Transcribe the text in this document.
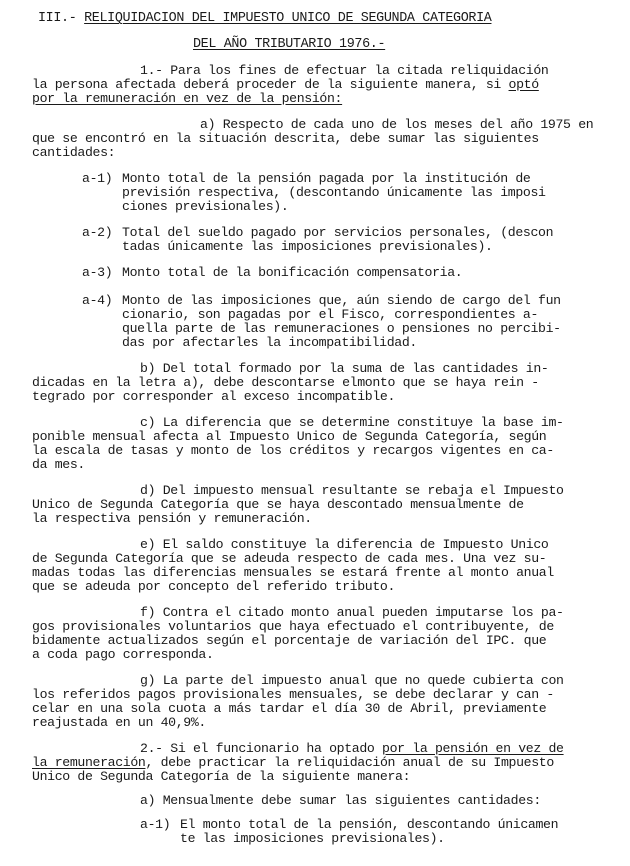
III.- RELIQUIDACION DEL IMPUESTO UNICO DE SEGUNDA CATEGORIA

DEL AÑO TRIBUTARIO 1976.-

1.- Para los fines de efectuar la citada reliquidación

la persona afectada deberá proceder de la siguiente manera, si optó

por la remuneración en vez de la pensión:

a) Respecto de cada uno de los meses del año 1975 en

que se encontró en la situación descrita, debe sumar las siguientes

cantidades:

a-1) Monto total de la pensión pagada por la institución de

previsión respectiva, (descontando únicamente las imposi

ciones previsionales).

a-2) Total del sueldo pagado por servicios personales, (descon

tadas únicamente las imposiciones previsionales).

a-3) Monto total de la bonificación compensatoria.

a-4) Monto de las imposiciones que, aún siendo de cargo del fun

cionario, son pagadas por el Fisco, correspondientes a-

quella parte de las remuneraciones o pensiones no percibi-

das por afectarles la incompatibilidad.

b) Del total formado por la suma de las cantidades in-

dicadas en la letra a), debe descontarse elmonto que se haya rein -

tegrado por corresponder al exceso incompatible.

c) La diferencia que se determine constituye la base im-

ponible mensual afecta al Impuesto Unico de Segunda Categoría, según

la escala de tasas y monto de los créditos y recargos vigentes en ca-

da mes.

d) Del impuesto mensual resultante se rebaja el Impuesto

Unico de Segunda Categoría que se haya descontado mensualmente de

la respectiva pensión y remuneración.

e) El saldo constituye la diferencia de Impuesto Unico

de Segunda Categoría que se adeuda respecto de cada mes. Una vez su-

madas todas las diferencias mensuales se estará frente al monto anual

que se adeuda por concepto del referido tributo.

f) Contra el citado monto anual pueden imputarse los pa-

gos provisionales voluntarios que haya efectuado el contribuyente, de

bidamente actualizados según el porcentaje de variación del IPC. que

a coda pago corresponda.

g) La parte del impuesto anual que no quede cubierta con

los referidos pagos provisionales mensuales, se debe declarar y can -

celar en una sola cuota a más tardar el día 30 de Abril, previamente

reajustada en un 40,9%.

2.- Si el funcionario ha optado por la pensión en vez de

la remuneración, debe practicar la reliquidación anual de su Impuesto

Unico de Segunda Categoría de la siguiente manera:

a) Mensualmente debe sumar las siguientes cantidades:

a-1) El monto total de la pensión, descontando únicamen

te las imposiciones previsionales).
